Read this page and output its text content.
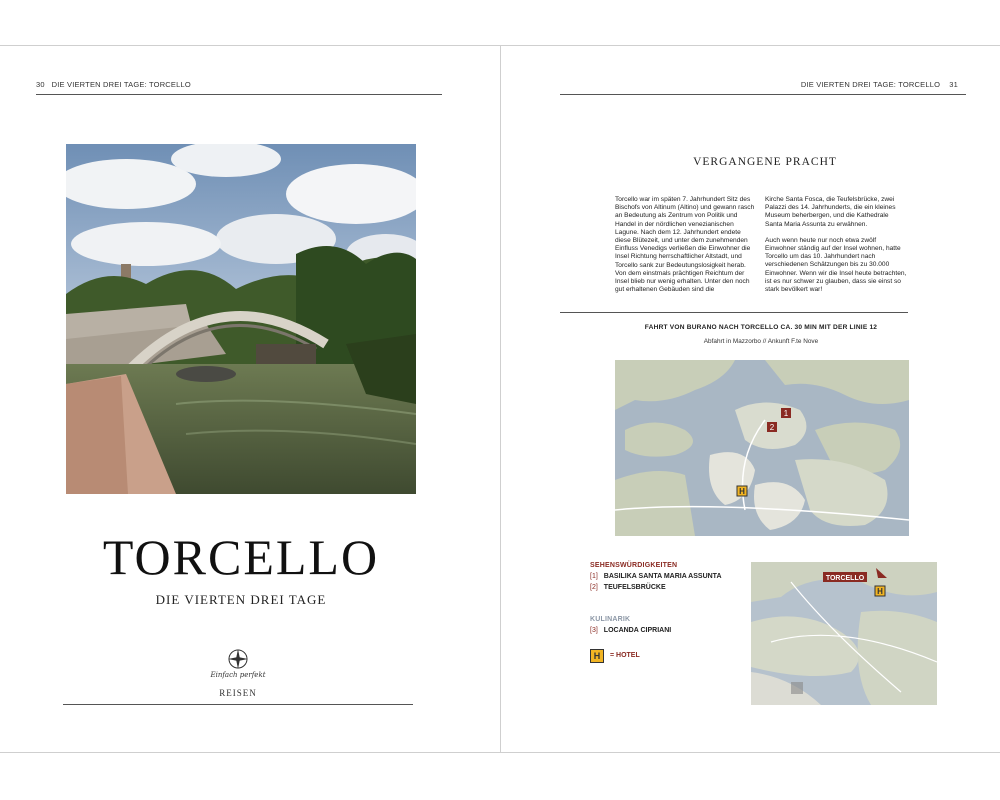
30 DIE VIERTEN DREI TAGE: TORCELLO
TORCELLO
DIE VIERTEN DREI TAGE
Einfach perfekt
REISEN
DIE VIERTEN DREI TAGE: TORCELLO 31
VERGANGENE PRACHT

Torcello war im späten 7. Jahrhundert Sitz des Bischofs von Altinum (Altino) und gewann rasch an Bedeutung als Zentrum von Politik und Handel in der nördlichen venezianischen Lagune. Nach dem 12. Jahrhundert endete diese Blütezeit, und unter dem zunehmenden Einfluss Venedigs verließen die Einwohner die Insel Richtung herrschaftlicher Altstadt, und Torcello sank zur Bedeutungslosigkeit herab. Von dem einstmals prächtigen Reichtum der Insel blieb nur wenig erhalten. Unter den noch gut erhaltenen Gebäuden sind die

Kirche Santa Fosca, die Teufelsbrücke, zwei Palazzi des 14. Jahrhunderts, die ein kleines Museum beherbergen, und die Kathedrale Santa Maria Assunta zu erwähnen.

Auch wenn heute nur noch etwa zwölf Einwohner ständig auf der Insel wohnen, hatte Torcello um das 10. Jahrhundert nach verschiedenen Schätzungen bis zu 30.000 Einwohner. Wenn wir die Insel heute betrachten, ist es nur schwer zu glauben, dass sie einst so stark bevölkert war!

FAHRT VON BURANO NACH TORCELLO CA. 30 MIN MIT DER LINIE 12
Abfahrt in Mazzorbo // Ankunft F.te Nove
1
2
H
SEHENSWÜRDIGKEITEN
[1] BASILIKA SANTA MARIA ASSUNTA
[2] TEUFELSBRÜCKE
KULINARIK
[3] LOCANDA CIPRIANI
H	= HOTEL
TORCELLO
H
